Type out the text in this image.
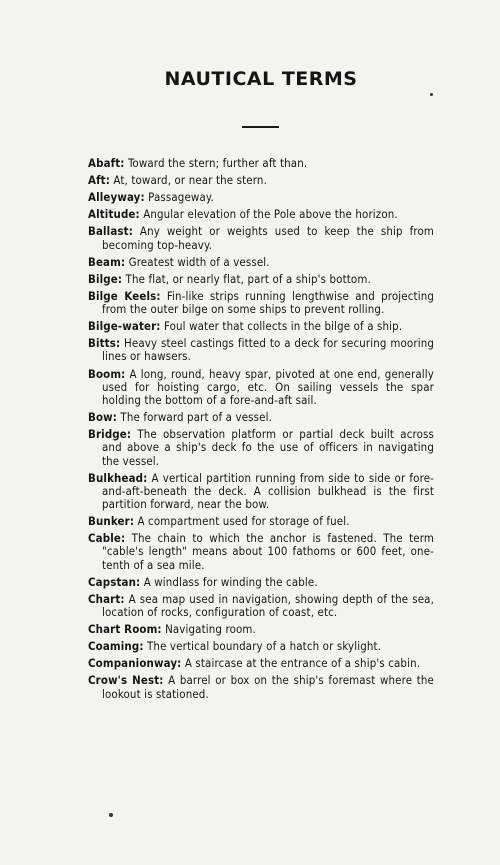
NAUTICAL TERMS
Abaft: Toward the stern; further aft than.
Aft: At, toward, or near the stern.
Alleyway: Passageway.
Altitude: Angular elevation of the Pole above the horizon.
Ballast: Any weight or weights used to keep the ship from becoming top-heavy.
Beam: Greatest width of a vessel.
Bilge: The flat, or nearly flat, part of a ship's bottom.
Bilge Keels: Fin-like strips running lengthwise and projecting from the outer bilge on some ships to prevent rolling.
Bilge-water: Foul water that collects in the bilge of a ship.
Bitts: Heavy steel castings fitted to a deck for securing mooring lines or hawsers.
Boom: A long, round, heavy spar, pivoted at one end, generally used for hoisting cargo, etc. On sailing vessels the spar holding the bottom of a fore-and-aft sail.
Bow: The forward part of a vessel.
Bridge: The observation platform or partial deck built across and above a ship's deck fo the use of officers in navigating the vessel.
Bulkhead: A vertical partition running from side to side or fore-and-aft-beneath the deck. A collision bulkhead is the first partition forward, near the bow.
Bunker: A compartment used for storage of fuel.
Cable: The chain to which the anchor is fastened. The term "cable's length" means about 100 fathoms or 600 feet, one-tenth of a sea mile.
Capstan: A windlass for winding the cable.
Chart: A sea map used in navigation, showing depth of the sea, location of rocks, configuration of coast, etc.
Chart Room: Navigating room.
Coaming: The vertical boundary of a hatch or skylight.
Companionway: A staircase at the entrance of a ship's cabin.
Crow's Nest: A barrel or box on the ship's foremast where the lookout is stationed.
